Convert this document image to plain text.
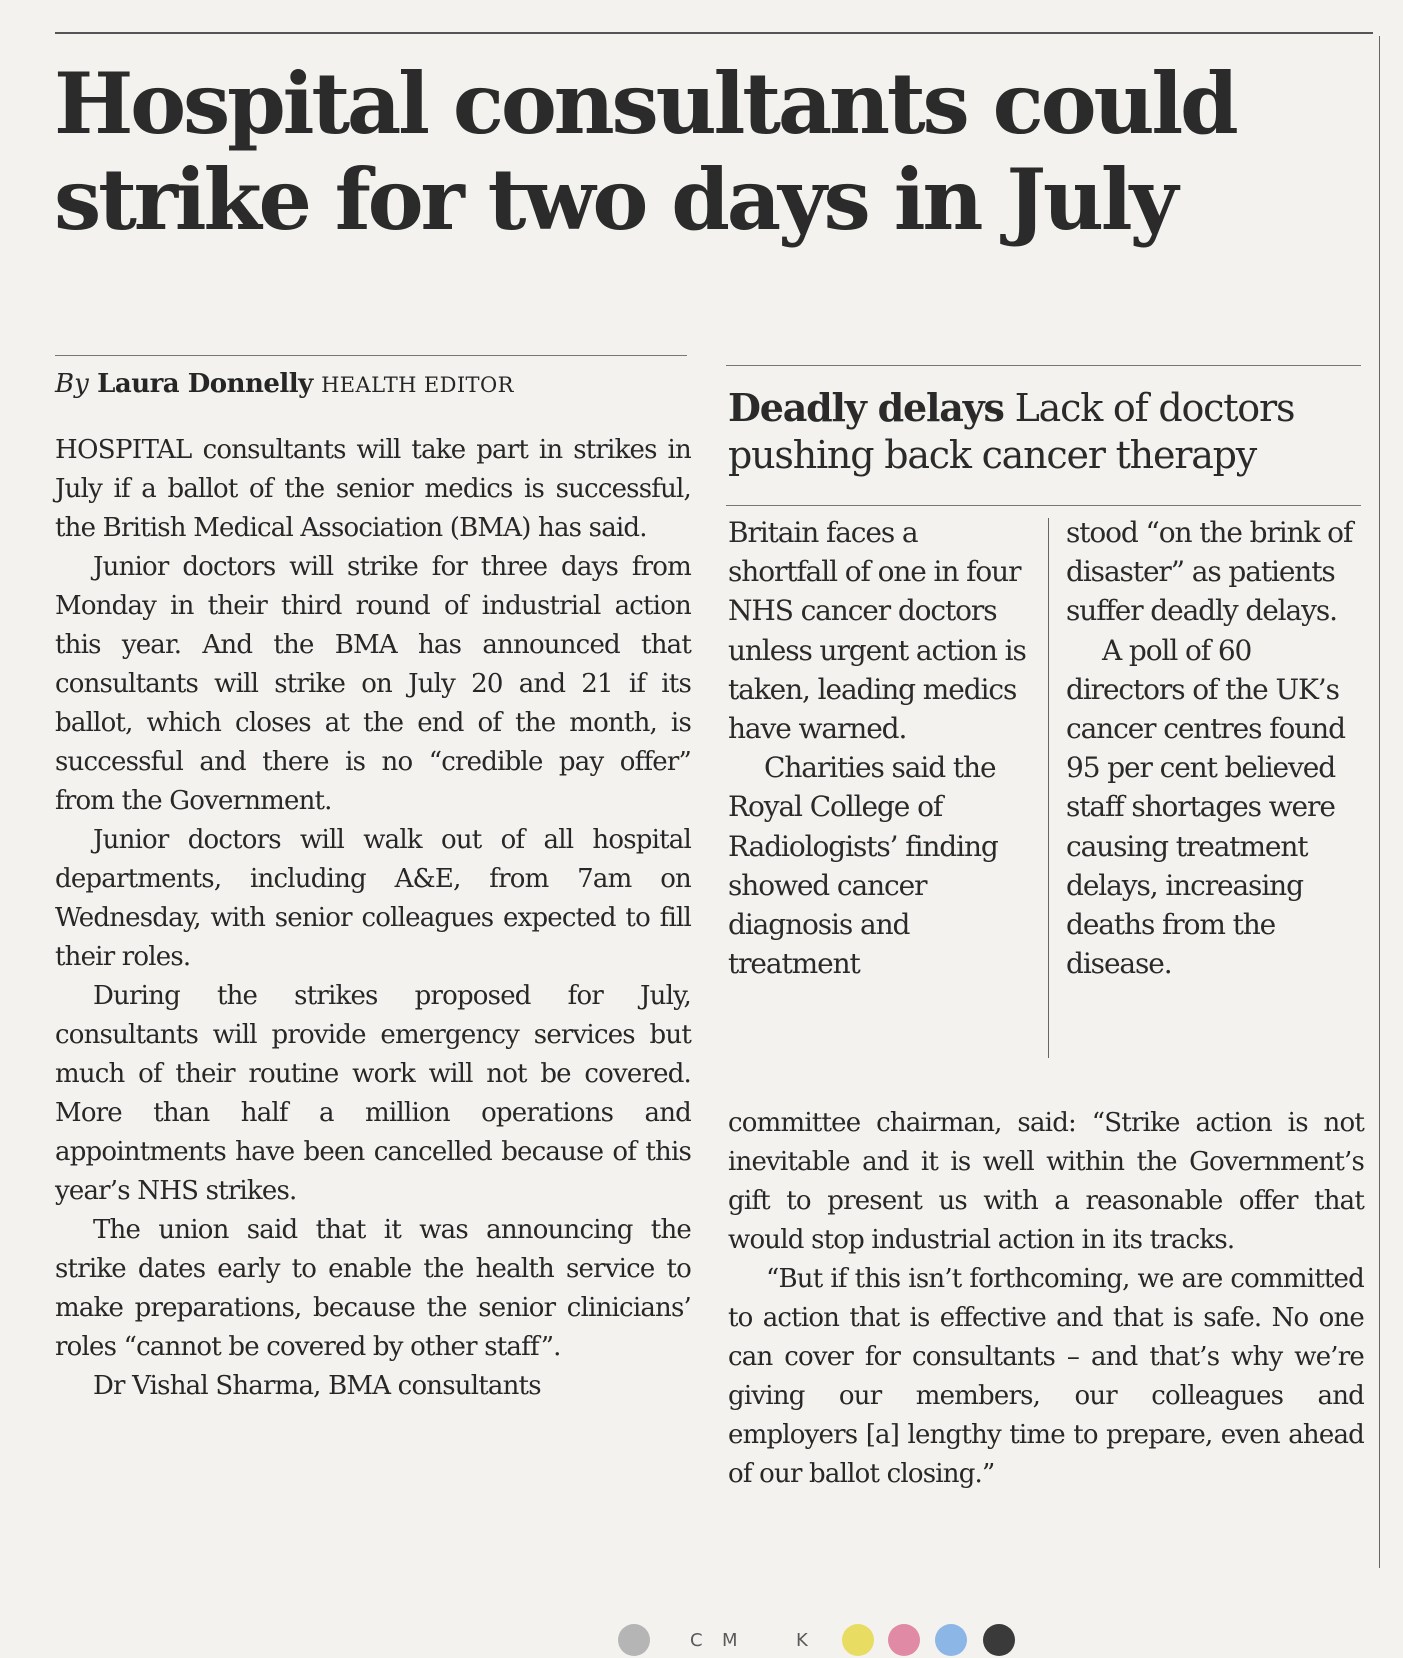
Hospital consultants could strike for two days in July
By Laura Donnelly HEALTH EDITOR

HOSPITAL consultants will take part in strikes in July if a ballot of the senior medics is successful, the British Medical Association (BMA) has said.

Junior doctors will strike for three days from Monday in their third round of industrial action this year. And the BMA has announced that consultants will strike on July 20 and 21 if its ballot, which closes at the end of the month, is successful and there is no “credible pay offer” from the Government.

Junior doctors will walk out of all hospital departments, including A&E, from 7am on Wednesday, with senior colleagues expected to fill their roles.

During the strikes proposed for July, consultants will provide emergency services but much of their routine work will not be covered. More than half a million operations and appointments have been cancelled because of this year’s NHS strikes.

The union said that it was announcing the strike dates early to enable the health service to make preparations, because the senior clinicians’ roles “cannot be covered by other staff”.

Dr Vishal Sharma, BMA consultants

Deadly delays Lack of doctors pushing back cancer therapy

Britain faces a shortfall of one in four NHS cancer doctors unless urgent action is taken, leading medics have warned.

Charities said the Royal College of Radiologists’ finding showed cancer diagnosis and treatment

stood “on the brink of disaster” as patients suffer deadly delays.

A poll of 60 directors of the UK’s cancer centres found 95 per cent believed staff shortages were causing treatment delays, increasing deaths from the disease.

committee chairman, said: “Strike action is not inevitable and it is well within the Government’s gift to present us with a reasonable offer that would stop industrial action in its tracks.

“But if this isn’t forthcoming, we are committed to action that is effective and that is safe. No one can cover for consultants – and that’s why we’re giving our members, our colleagues and employers [a] lengthy time to prepare, even ahead of our ballot closing.”

C M	K
